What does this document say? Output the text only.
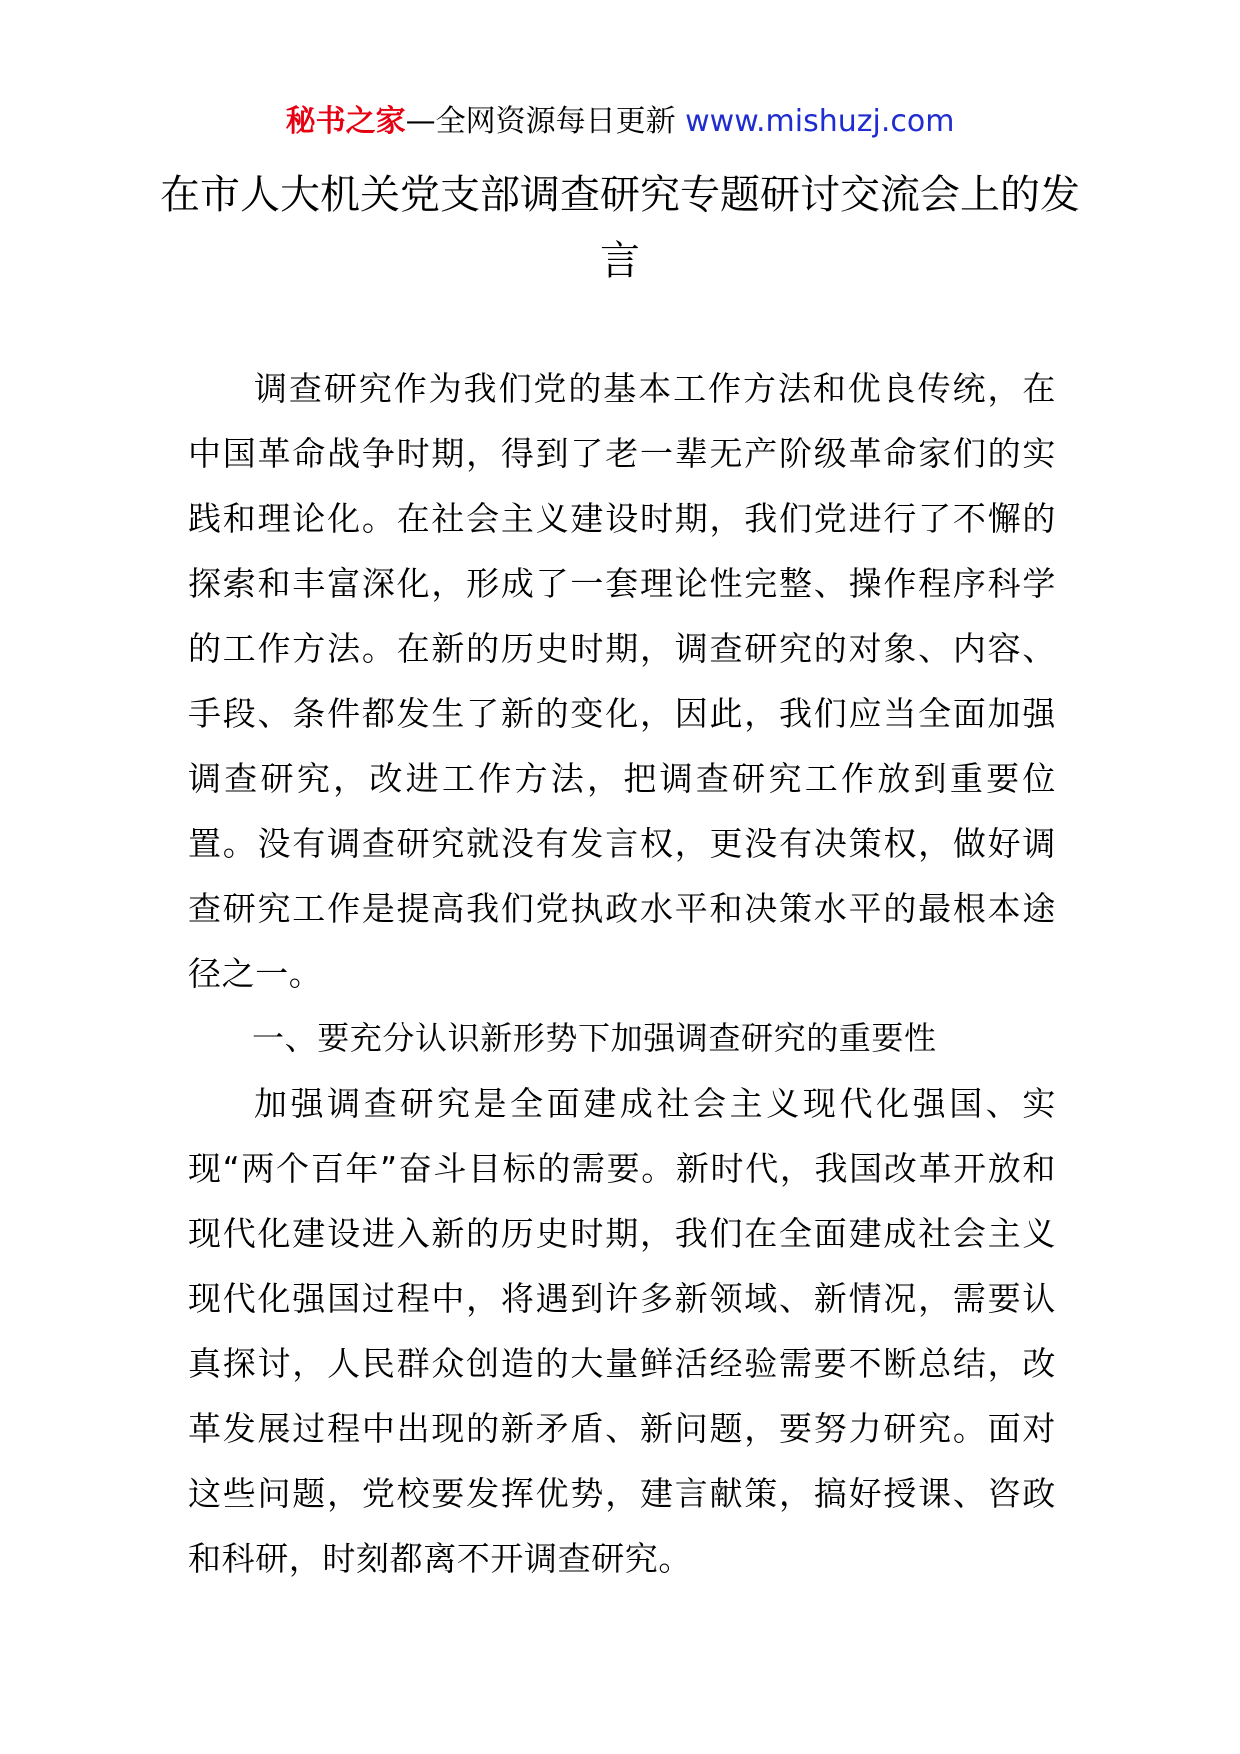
秘书之家—全网资源每日更新 www.mishuzj.com
在市人大机关党支部调查研究专题研讨交流会上的发言

调查研究作为我们党的基本工作方法和优良传统，在中国革命战争时期，得到了老一辈无产阶级革命家们的实践和理论化。在社会主义建设时期，我们党进行了不懈的探索和丰富深化，形成了一套理论性完整、操作程序科学的工作方法。在新的历史时期，调查研究的对象、内容、手段、条件都发生了新的变化，因此，我们应当全面加强调查研究，改进工作方法，把调查研究工作放到重要位置。没有调查研究就没有发言权，更没有决策权，做好调查研究工作是提高我们党执政水平和决策水平的最根本途径之一。

一、要充分认识新形势下加强调查研究的重要性

加强调查研究是全面建成社会主义现代化强国、实现“两个百年”奋斗目标的需要。新时代，我国改革开放和现代化建设进入新的历史时期，我们在全面建成社会主义现代化强国过程中，将遇到许多新领域、新情况，需要认真探讨，人民群众创造的大量鲜活经验需要不断总结，改革发展过程中出现的新矛盾、新问题，要努力研究。面对这些问题，党校要发挥优势，建言献策，搞好授课、咨政和科研，时刻都离不开调查研究。
